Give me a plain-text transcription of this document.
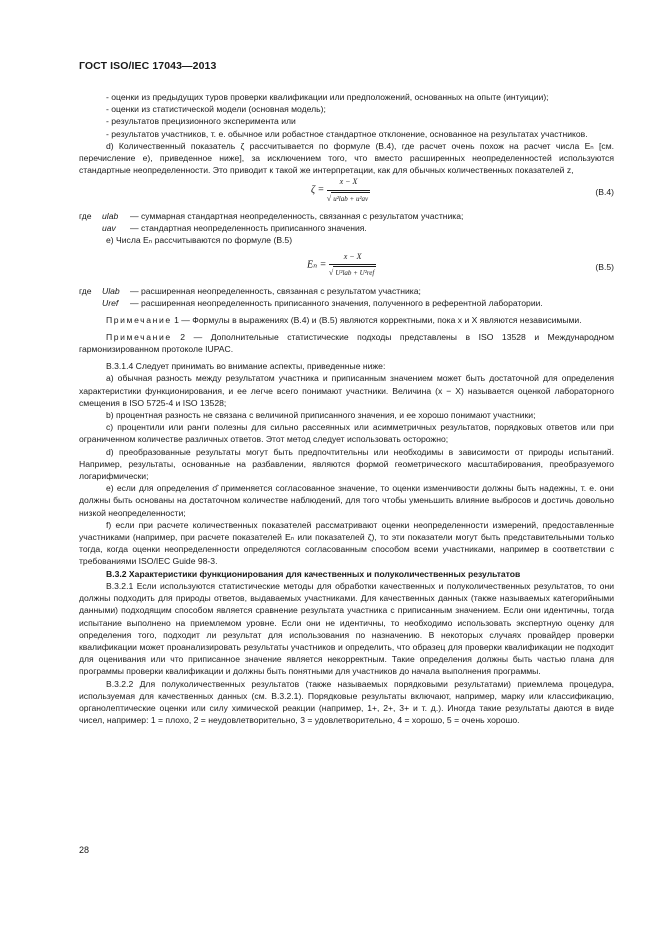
ГОСТ ISO/IEC 17043—2013

- оценки из предыдущих туров проверки квалификации или предположений, основанных на опыте (интуиции);

- оценки из статистической модели (основная модель);

- результатов прецизионного эксперимента или

- результатов участников, т. е. обычное или робастное стандартное отклонение, основанное на результатах участников.

d) Количественный показатель ζ рассчитывается по формуле (В.4), где расчет очень похож на расчет числа Eₙ [см. перечисление е), приведенное ниже], за исключением того, что вместо расширенных неопределенностей используются стандартные неопределенности. Это приводит к такой же интерпретации, как для обычных количественных показателей z,

$\zeta = \frac{x - X}{\text{√ u²lab + u²av}}$	(В.4)
где ulab — суммарная стандартная неопределенность, связанная с результатом участника;
uav — стандартная неопределенность приписанного значения.

е) Числа Eₙ рассчитываются по формуле (В.5)

$E_n = \frac{x - X}{\text{√ U²lab + U²ref}}$	(В.5)
где Ulab — расширенная неопределенность, связанная с результатом участника;
Uref — расширенная неопределенность приписанного значения, полученного в референтной лаборатории.

Примечание 1 — Формулы в выражениях (В.4) и (В.5) являются корректными, пока x и X являются независимыми.

Примечание 2 — Дополнительные статистические подходы представлены в ISO 13528 и Международном гармонизированном протоколе IUPAC.

В.3.1.4 Следует принимать во внимание аспекты, приведенные ниже:

а) обычная разность между результатом участника и приписанным значением может быть достаточной для определения характеристики функционирования, и ее легче всего понимают участники. Величина (x − X) называется оценкой лабораторного смещения в ISO 5725-4 и ISO 13528;

b) процентная разность не связана с величиной приписанного значения, и ее хорошо понимают участники;

c) процентили или ранги полезны для сильно рассеянных или асимметричных результатов, порядковых ответов или при ограниченном количестве различных ответов. Этот метод следует использовать осторожно;

d) преобразованные результаты могут быть предпочтительны или необходимы в зависимости от природы испытаний. Например, результаты, основанные на разбавлении, являются формой геометрического масштабирования, преобразуемого логарифмически;

е) если для определения σ̂ применяется согласованное значение, то оценки изменчивости должны быть надежны, т. е. они должны быть основаны на достаточном количестве наблюдений, для того чтобы уменьшить влияние выбросов и достичь довольно низкой неопределенности;

f) если при расчете количественных показателей рассматривают оценки неопределенности измерений, предоставленные участниками (например, при расчете показателей Eₙ или показателей ζ), то эти показатели могут быть представительными только тогда, когда оценки неопределенности определяются согласованным способом всеми участниками, например в соответствии с требованиями ISO/IEC Guide 98-3.

В.3.2 Характеристики функционирования для качественных и полуколичественных результатов

В.3.2.1 Если используются статистические методы для обработки качественных и полуколичественных результатов, то они должны подходить для природы ответов, выдаваемых участниками. Для качественных данных (также называемых категорийными данными) подходящим способом является сравнение результата участника с приписанным значением. Если они идентичны, тогда испытание выполнено на приемлемом уровне. Если они не идентичны, то необходимо использовать экспертную оценку для определения того, подходит ли результат для использования по назначению. В некоторых случаях провайдер проверки квалификации может проанализировать результаты участников и определить, что образец для проверки квалификации не подходит для оценивания или что приписанное значение является некорректным. Такие определения должны быть частью плана для программы проверки квалификации и должны быть понятными для участников до начала выполнения программы.

В.3.2.2 Для полуколичественных результатов (также называемых порядковыми результатами) приемлема процедура, используемая для качественных данных (см. В.3.2.1). Порядковые результаты включают, например, марку или классификацию, органолептические оценки или силу химической реакции (например, 1+, 2+, 3+ и т. д.). Иногда такие результаты даются в виде чисел, например: 1 = плохо, 2 = неудовлетворительно, 3 = удовлетворительно, 4 = хорошо, 5 = очень хорошо.

28
